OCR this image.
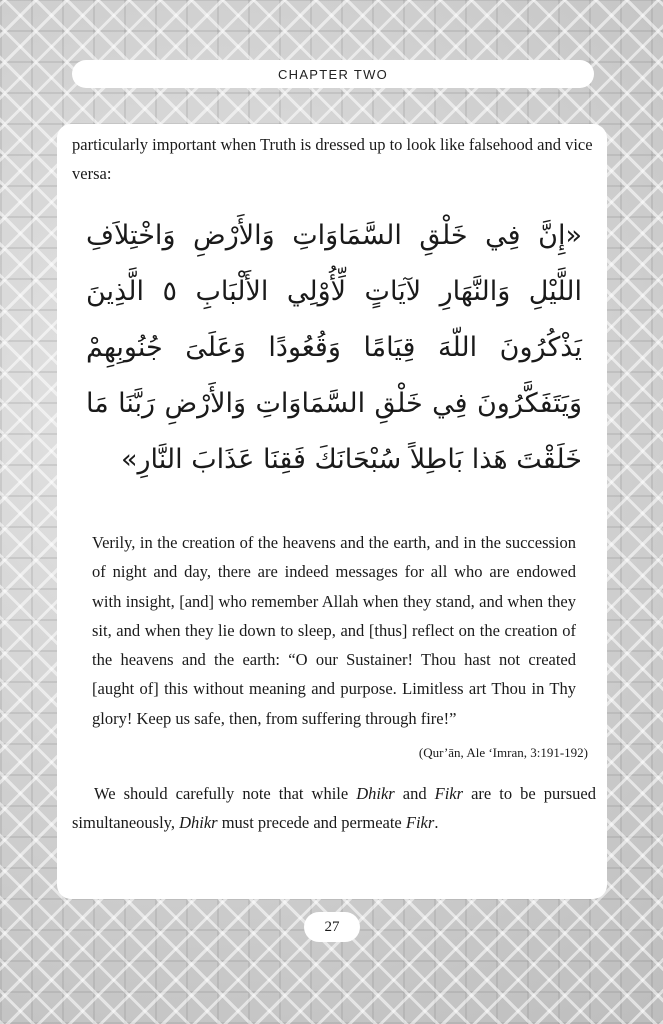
CHAPTER TWO

particularly important when Truth is dressed up to look like falsehood and vice versa:

«إِنَّ فِي خَلْقِ السَّمَاوَاتِ وَالأَرْضِ وَاخْتِلاَفِ اللَّيْلِ وَالنَّهَارِ لآيَاتٍ لِّأُوْلِي الأَلْبَابِ ٥ الَّذِينَ يَذْكُرُونَ اللّهَ قِيَامًا وَقُعُودًا وَعَلَىَ جُنُوبِهِمْ وَيَتَفَكَّرُونَ فِي خَلْقِ السَّمَاوَاتِ وَالأَرْضِ رَبَّنَا مَا خَلَقْتَ هَذا بَاطِلاً سُبْحَانَكَ فَقِنَا عَذَابَ النَّارِ»

Verily, in the creation of the heavens and the earth, and in the succession of night and day, there are indeed messages for all who are endowed with insight, [and] who remember Allah when they stand, and when they sit, and when they lie down to sleep, and [thus] reflect on the creation of the heavens and the earth: “O our Sustainer! Thou hast not created [aught of] this without meaning and purpose. Limitless art Thou in Thy glory! Keep us safe, then, from suffering through fire!”

(Qur’ān, Ale ‘Imran, 3:191-192)

We should carefully note that while Dhikr and Fikr are to be pursued simultaneously, Dhikr must precede and permeate Fikr.

27
